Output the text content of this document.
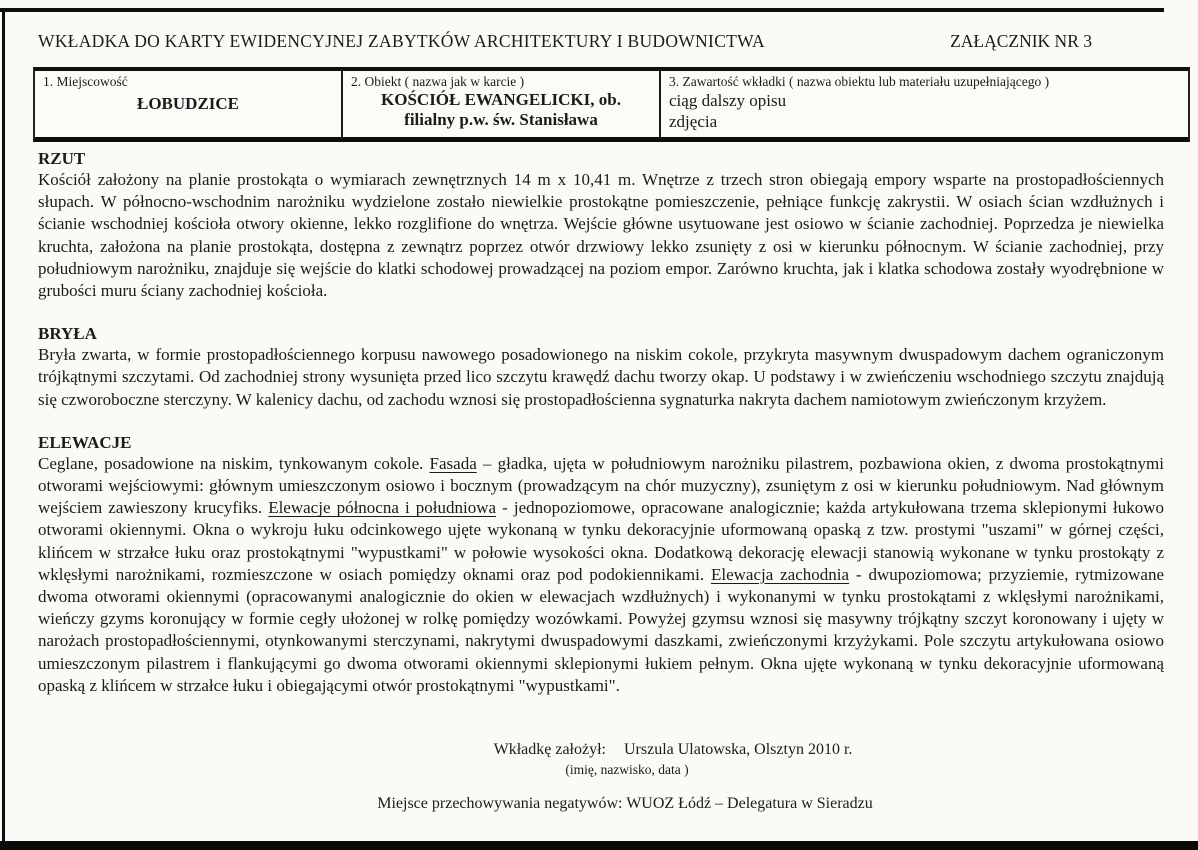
WKŁADKA DO KARTY EWIDENCYJNEJ ZABYTKÓW ARCHITEKTURY I BUDOWNICTWA	ZAŁĄCZNIK NR 3
1. Miejscowość
ŁOBUDZICE
2. Obiekt ( nazwa jak w karcie )
KOŚCIÓŁ EWANGELICKI, ob.
filialny p.w. św. Stanisława
3. Zawartość wkładki ( nazwa obiektu lub materiału uzupełniającego )
ciąg dalszy opisu
zdjęcia
RZUT

Kościół założony na planie prostokąta o wymiarach zewnętrznych 14 m x 10,41 m. Wnętrze z trzech stron obiegają empory wsparte na prostopadłościennych słupach. W północno-wschodnim narożniku wydzielone zostało niewielkie prostokątne pomieszczenie, pełniące funkcję zakrystii. W osiach ścian wzdłużnych i ścianie wschodniej kościoła otwory okienne, lekko rozglifione do wnętrza. Wejście główne usytuowane jest osiowo w ścianie zachodniej. Poprzedza je niewielka kruchta, założona na planie prostokąta, dostępna z zewnątrz poprzez otwór drzwiowy lekko zsunięty z osi w kierunku północnym. W ścianie zachodniej, przy południowym narożniku, znajduje się wejście do klatki schodowej prowadzącej na poziom empor. Zarówno kruchta, jak i klatka schodowa zostały wyodrębnione w grubości muru ściany zachodniej kościoła.

BRYŁA

Bryła zwarta, w formie prostopadłościennego korpusu nawowego posadowionego na niskim cokole, przykryta masywnym dwuspadowym dachem ograniczonym trójkątnymi szczytami. Od zachodniej strony wysunięta przed lico szczytu krawędź dachu tworzy okap. U podstawy i w zwieńczeniu wschodniego szczytu znajdują się czworoboczne sterczyny. W kalenicy dachu, od zachodu wznosi się prostopadłościenna sygnaturka nakryta dachem namiotowym zwieńczonym krzyżem.

ELEWACJE

Ceglane, posadowione na niskim, tynkowanym cokole. Fasada – gładka, ujęta w południowym narożniku pilastrem, pozbawiona okien, z dwoma prostokątnymi otworami wejściowymi: głównym umieszczonym osiowo i bocznym (prowadzącym na chór muzyczny), zsuniętym z osi w kierunku południowym. Nad głównym wejściem zawieszony krucyfiks. Elewacje północna i południowa - jednopoziomowe, opracowane analogicznie; każda artykułowana trzema sklepionymi łukowo otworami okiennymi. Okna o wykroju łuku odcinkowego ujęte wykonaną w tynku dekoracyjnie uformowaną opaską z tzw. prostymi "uszami" w górnej części, klińcem w strzałce łuku oraz prostokątnymi "wypustkami" w połowie wysokości okna. Dodatkową dekorację elewacji stanowią wykonane w tynku prostokąty z wklęsłymi narożnikami, rozmieszczone w osiach pomiędzy oknami oraz pod podokiennikami. Elewacja zachodnia - dwupoziomowa; przyziemie, rytmizowane dwoma otworami okiennymi (opracowanymi analogicznie do okien w elewacjach wzdłużnych) i wykonanymi w tynku prostokątami z wklęsłymi narożnikami, wieńczy gzyms koronujący w formie cegły ułożonej w rolkę pomiędzy wozówkami. Powyżej gzymsu wznosi się masywny trójkątny szczyt koronowany i ujęty w narożach prostopadłościennymi, otynkowanymi sterczynami, nakrytymi dwuspadowymi daszkami, zwieńczonymi krzyżykami. Pole szczytu artykułowana osiowo umieszczonym pilastrem i flankującymi go dwoma otworami okiennymi sklepionymi łukiem pełnym. Okna ujęte wykonaną w tynku dekoracyjnie uformowaną opaską z klińcem w strzałce łuku i obiegającymi otwór prostokątnymi "wypustkami".

Wkładkę założył: Urszula Ulatowska, Olsztyn 2010 r.
(imię, nazwisko, data )
Miejsce przechowywania negatywów: WUOZ Łódź – Delegatura w Sieradzu
